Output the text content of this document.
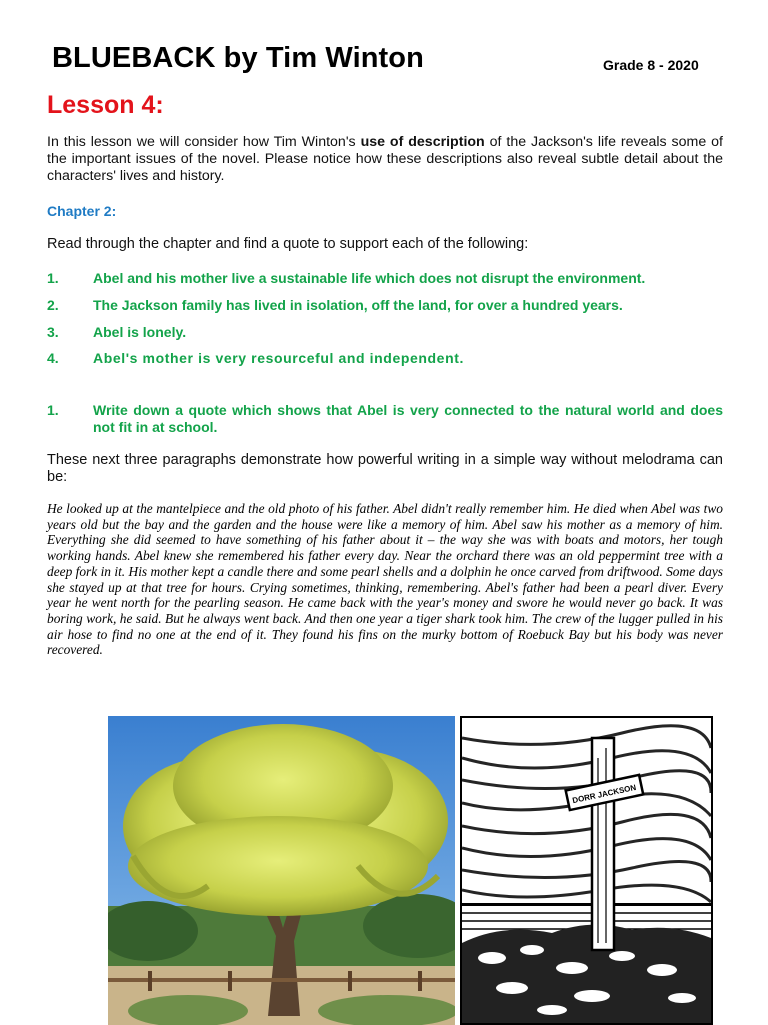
BLUEBACK by Tim Winton	Grade 8 - 2020
Lesson 4:
In this lesson we will consider how Tim Winton's use of description of the Jackson's life reveals some of the important issues of the novel. Please notice how these descriptions also reveal subtle detail about the characters' lives and history.
Chapter 2:
Read through the chapter and find a quote to support each of the following:
1. Abel and his mother live a sustainable life which does not disrupt the environment.
2. The Jackson family has lived in isolation, off the land, for over a hundred years.
3. Abel is lonely.
4. Abel's mother is very resourceful and independent.
1. Write down a quote which shows that Abel is very connected to the natural world and does not fit in at school.
These next three paragraphs demonstrate how powerful writing in a simple way without melodrama can be:
He looked up at the mantelpiece and the old photo of his father. Abel didn't really remember him. He died when Abel was two years old but the bay and the garden and the house were like a memory of him. Abel saw his mother as a memory of him. Everything she did seemed to have something of his father about it – the way she was with boats and motors, her tough working hands. Abel knew she remembered his father every day. Near the orchard there was an old peppermint tree with a deep fork in it. His mother kept a candle there and some pearl shells and a dolphin he once carved from driftwood. Some days she stayed up at that tree for hours. Crying sometimes, thinking, remembering. Abel's father had been a pearl diver. Every year he went north for the pearling season. He came back with the year's money and swore he would never go back. It was boring work, he said. But he always went back. And then one year a tiger shark took him. The crew of the lugger pulled in his air hose to find no one at the end of it. They found his fins on the murky bottom of Roebuck Bay but his body was never recovered.
DORR JACKSON
